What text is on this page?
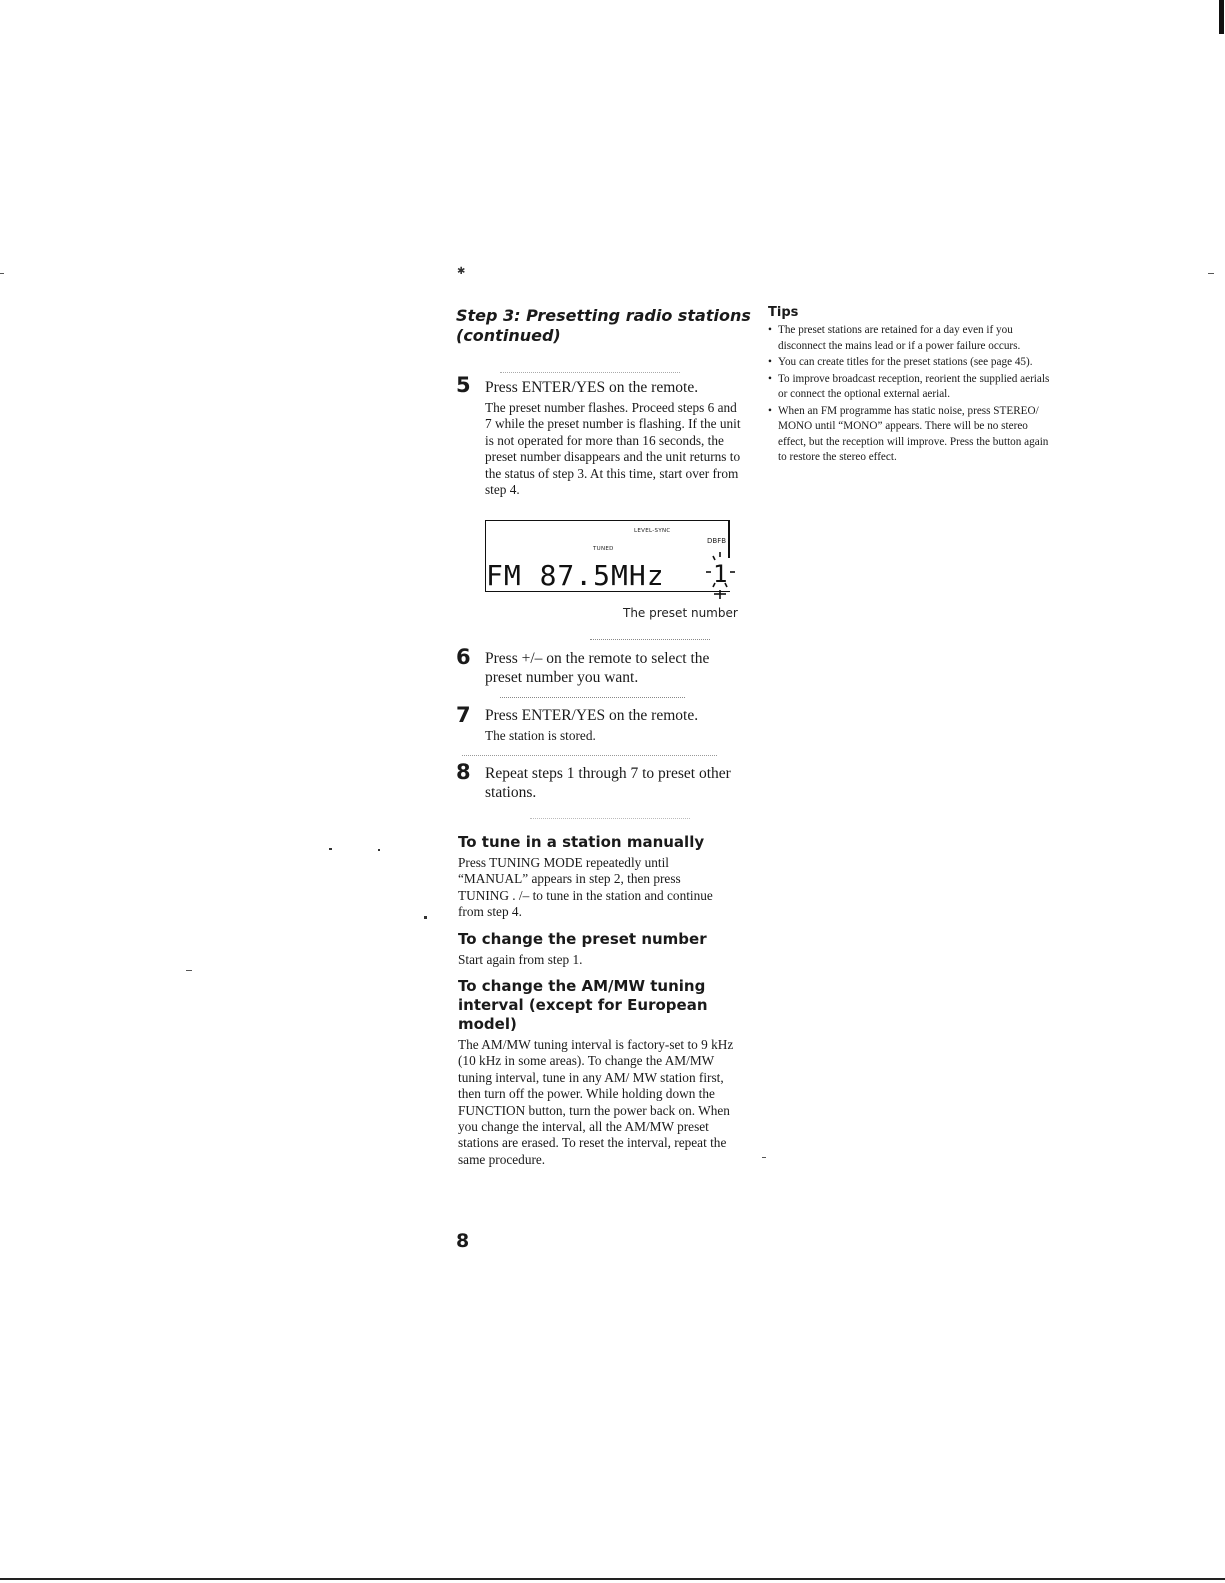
✱
Step 3: Presetting radio stations
(continued)
5 Press ENTER/YES on the remote.
The preset number flashes. Proceed steps 6 and 7 while the preset number is flashing. If the unit is not operated for more than 16 seconds, the preset number disappears and the unit returns to the status of step 3. At this time, start over from step 4.
LEVEL-SYNC
TUNED
DBFB
FM 87.5MHz 1
The preset number
6 Press +/– on the remote to select the preset number you want.
7 Press ENTER/YES on the remote.
The station is stored.
8 Repeat steps 1 through 7 to preset other stations.
To tune in a station manually
Press TUNING MODE repeatedly until “MANUAL” appears in step 2, then press TUNING . /– to tune in the station and continue from step 4.
To change the preset number
Start again from step 1.
To change the AM/MW tuning interval (except for European model)
The AM/MW tuning interval is factory-set to 9 kHz (10 kHz in some areas). To change the AM/MW tuning interval, tune in any AM/ MW station first, then turn off the power. While holding down the FUNCTION button, turn the power back on. When you change the interval, all the AM/MW preset stations are erased. To reset the interval, repeat the same procedure.
8
Tips
• The preset stations are retained for a day even if you disconnect the mains lead or if a power failure occurs.
• You can create titles for the preset stations (see page 45).
• To improve broadcast reception, reorient the supplied aerials or connect the optional external aerial.
• When an FM programme has static noise, press STEREO/ MONO until “MONO” appears. There will be no stereo effect, but the reception will improve. Press the button again to restore the stereo effect.
